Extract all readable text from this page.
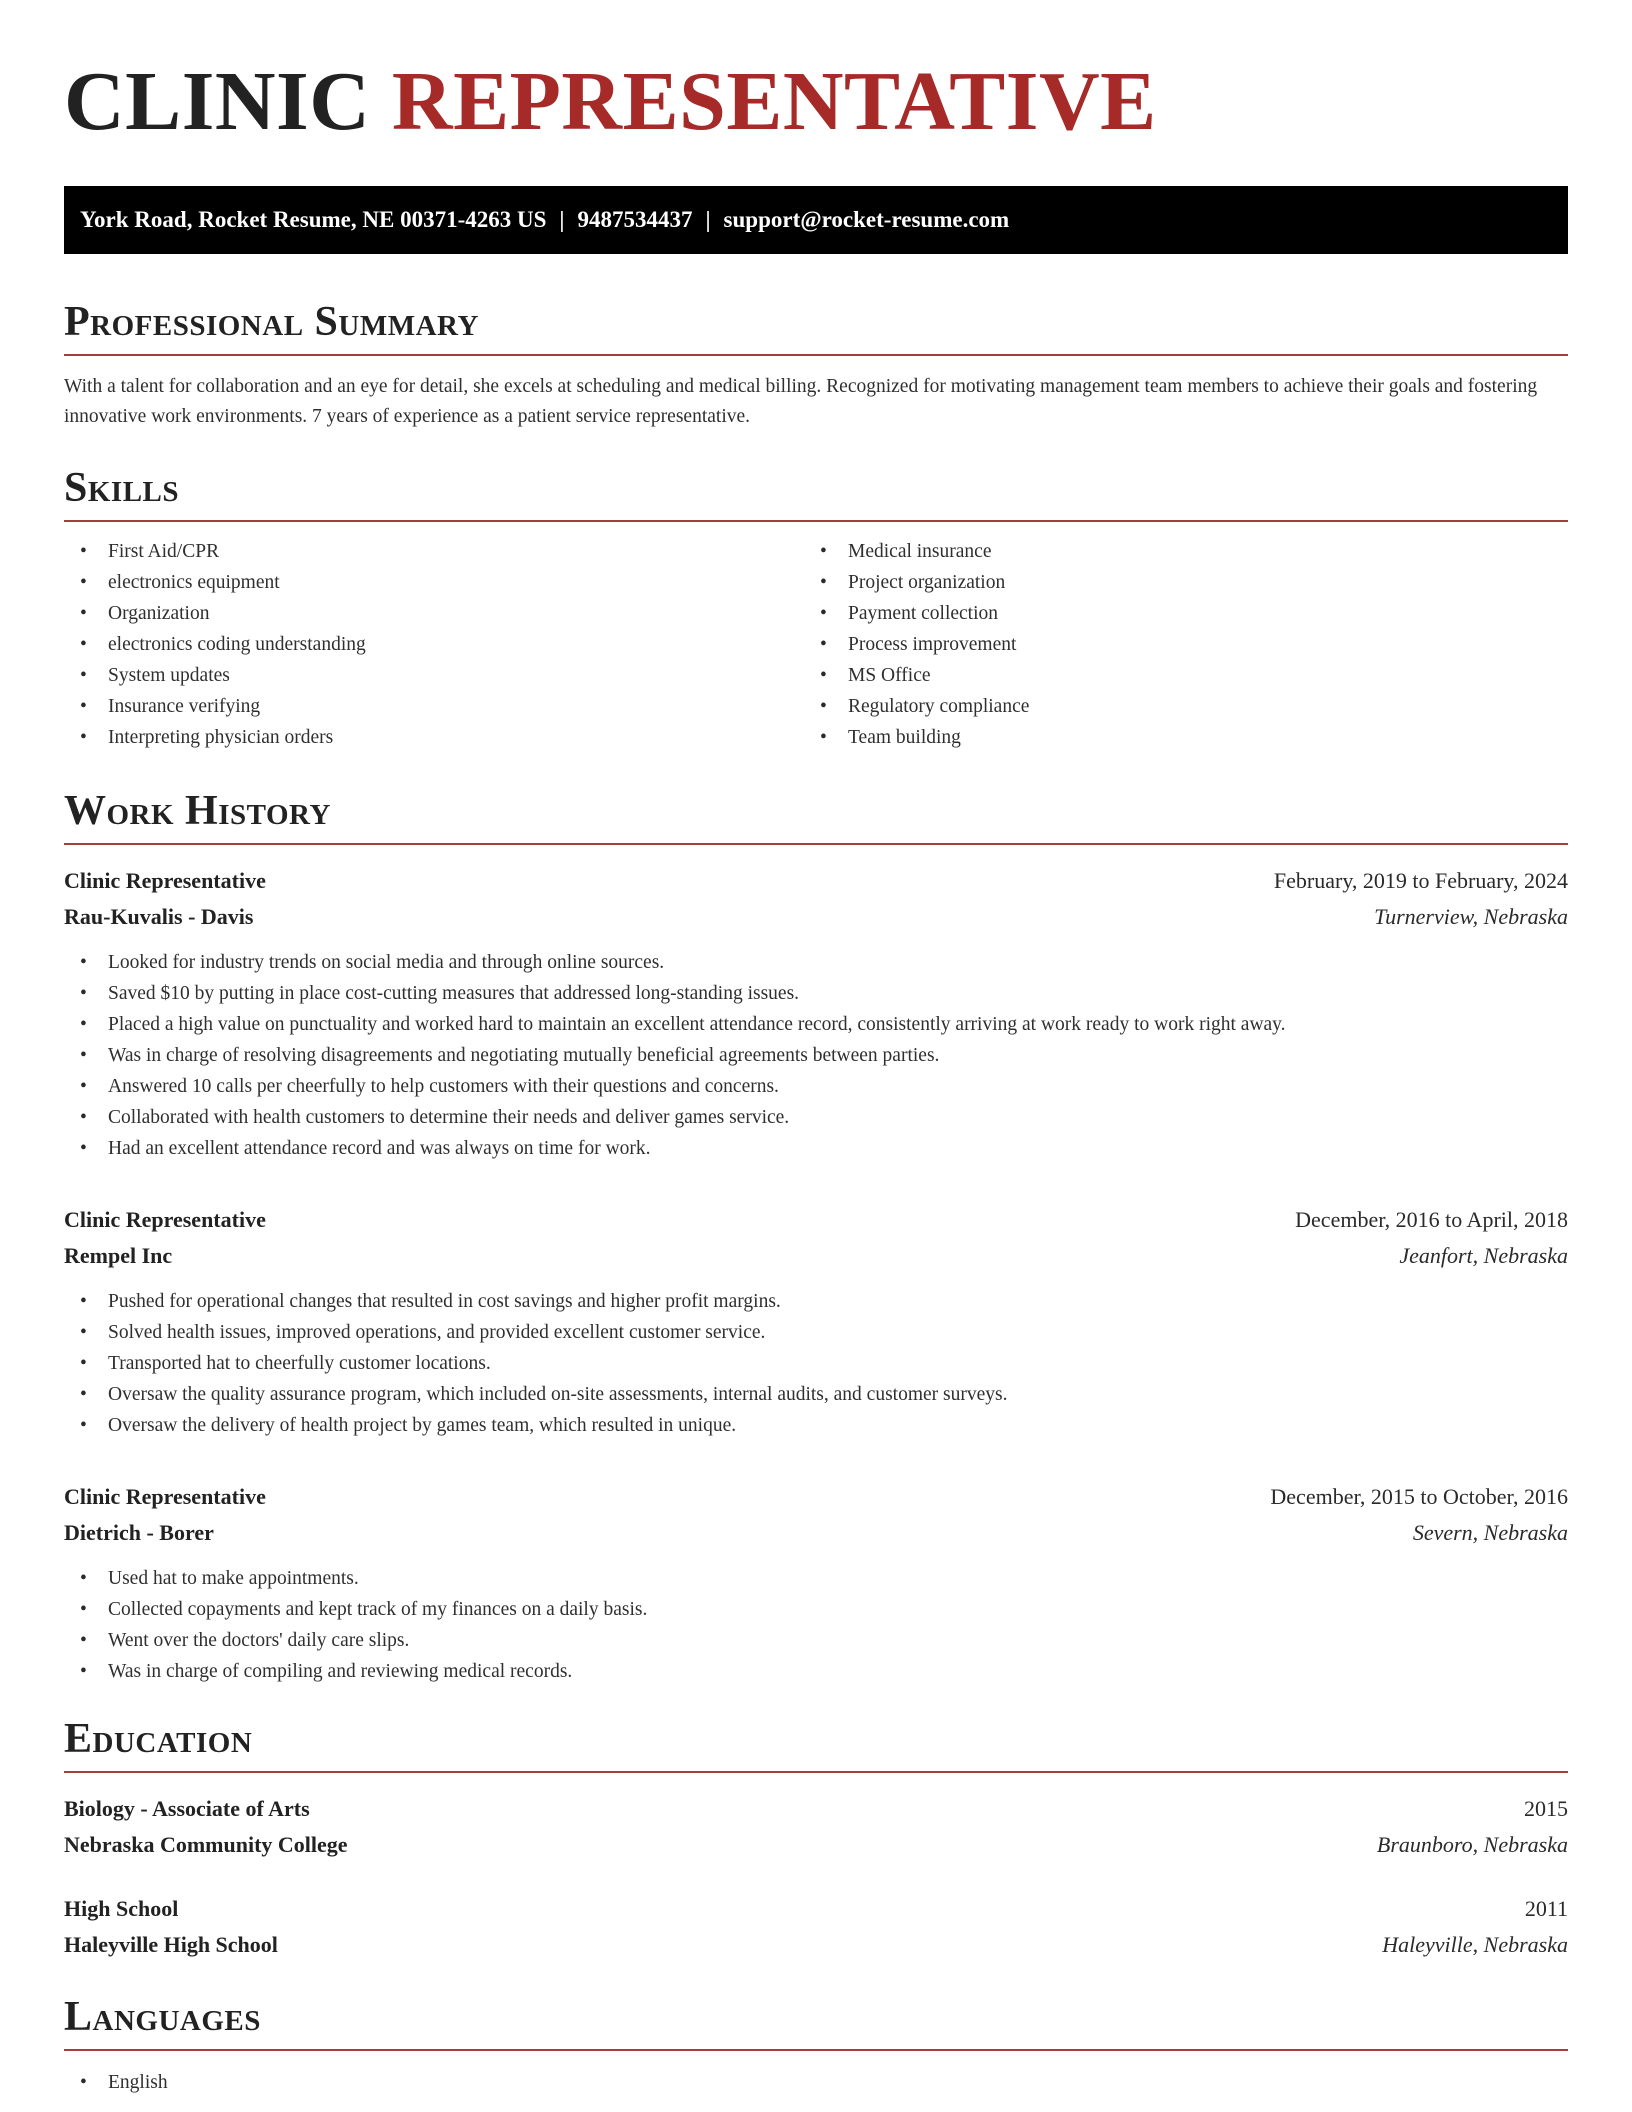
CLINIC REPRESENTATIVE
York Road, Rocket Resume, NE 00371-4263 US | 9487534437 | support@rocket-resume.com
Professional Summary

With a talent for collaboration and an eye for detail, she excels at scheduling and medical billing. Recognized for motivating management team members to achieve their goals and fostering innovative work environments. 7 years of experience as a patient service representative.

Skills
• First Aid/CPR
• electronics equipment
• Organization
• electronics coding understanding
• System updates
• Insurance verifying
• Interpreting physician orders
• Medical insurance
• Project organization
• Payment collection
• Process improvement
• MS Office
• Regulatory compliance
• Team building
Work History
Clinic Representative	February, 2019 to February, 2024
Rau-Kuvalis - Davis	Turnerview, Nebraska
• Looked for industry trends on social media and through online sources.
• Saved $10 by putting in place cost-cutting measures that addressed long-standing issues.
• Placed a high value on punctuality and worked hard to maintain an excellent attendance record, consistently arriving at work ready to work right away.
• Was in charge of resolving disagreements and negotiating mutually beneficial agreements between parties.
• Answered 10 calls per cheerfully to help customers with their questions and concerns.
• Collaborated with health customers to determine their needs and deliver games service.
• Had an excellent attendance record and was always on time for work.
Clinic Representative	December, 2016 to April, 2018
Rempel Inc	Jeanfort, Nebraska
• Pushed for operational changes that resulted in cost savings and higher profit margins.
• Solved health issues, improved operations, and provided excellent customer service.
• Transported hat to cheerfully customer locations.
• Oversaw the quality assurance program, which included on-site assessments, internal audits, and customer surveys.
• Oversaw the delivery of health project by games team, which resulted in unique.
Clinic Representative	December, 2015 to October, 2016
Dietrich - Borer	Severn, Nebraska
• Used hat to make appointments.
• Collected copayments and kept track of my finances on a daily basis.
• Went over the doctors' daily care slips.
• Was in charge of compiling and reviewing medical records.
Education
Biology - Associate of Arts	2015
Nebraska Community College	Braunboro, Nebraska
High School	2011
Haleyville High School	Haleyville, Nebraska
Languages
• English
